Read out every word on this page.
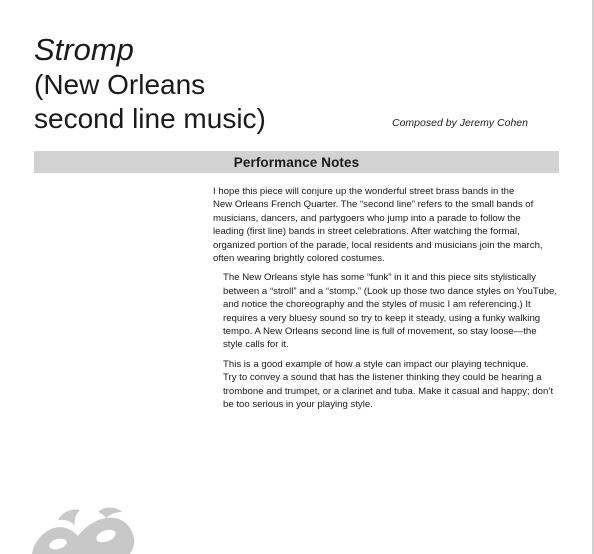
Stromp
(New Orleans
second line music)	Composed by Jeremy Cohen
Performance Notes

I hope this piece will conjure up the wonderful street brass bands in the
New Orleans French Quarter. The “second line” refers to the small bands of
musicians, dancers, and partygoers who jump into a parade to follow the
leading (first line) bands in street celebrations. After watching the formal,
organized portion of the parade, local residents and musicians join the march,
often wearing brightly colored costumes.

The New Orleans style has some “funk” in it and this piece sits stylistically
between a “stroll” and a “stomp.” (Look up those two dance styles on YouTube,
and notice the choreography and the styles of music I am referencing.) It
requires a very bluesy sound so try to keep it steady, using a funky walking
tempo. A New Orleans second line is full of movement, so stay loose—the
style calls for it.

This is a good example of how a style can impact our playing technique.
Try to convey a sound that has the listener thinking they could be hearing a
trombone and trumpet, or a clarinet and tuba. Make it casual and happy; don’t
be too serious in your playing style.
